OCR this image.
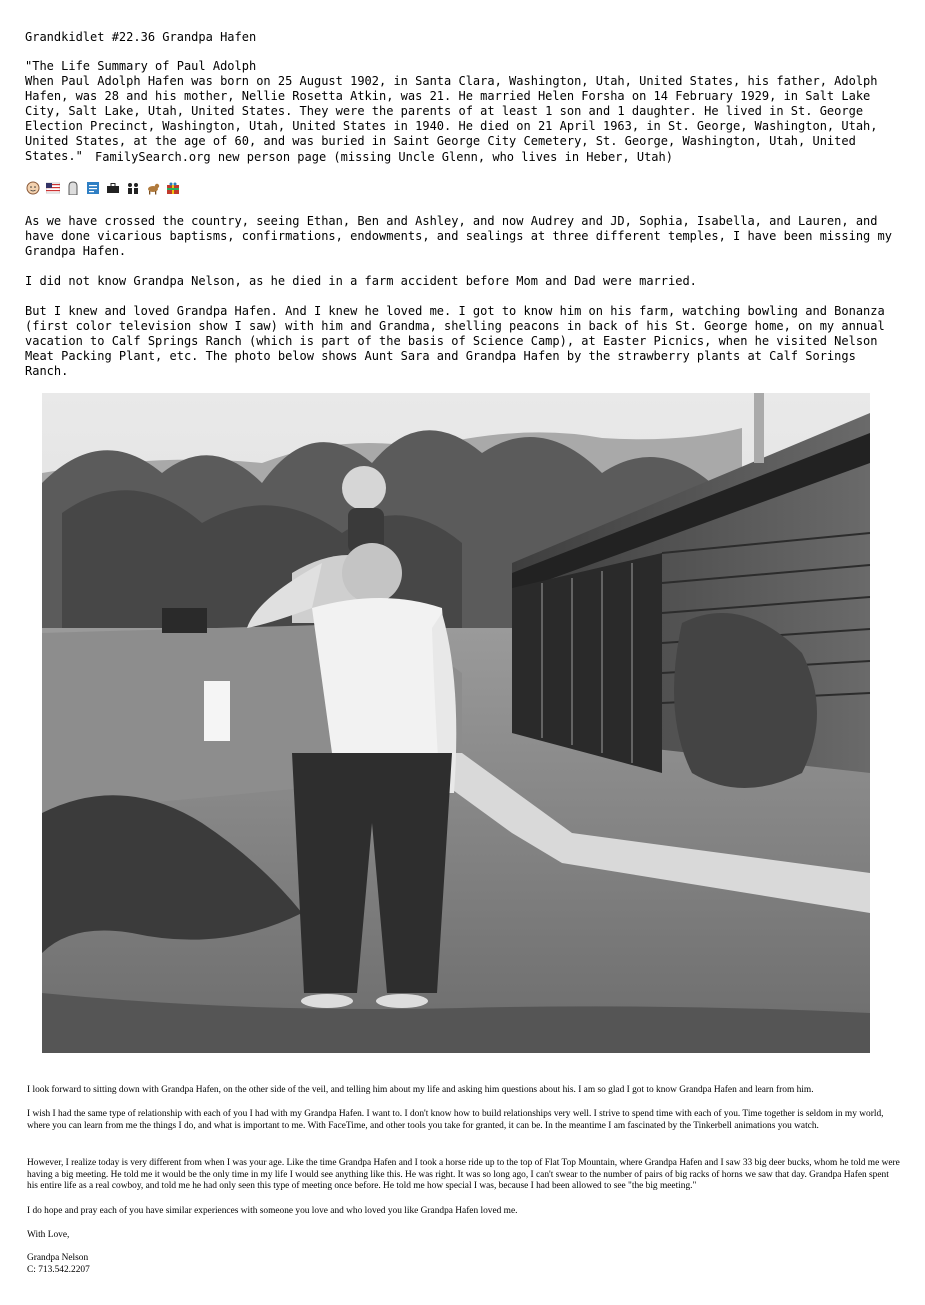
Grandkidlet #22.36 Grandpa Hafen
"The Life Summary of Paul Adolph
When Paul Adolph Hafen was born on 25 August 1902, in Santa Clara, Washington, Utah, United States, his father, Adolph Hafen, was 28 and his mother, Nellie Rosetta Atkin, was 21. He married Helen Forsha on 14 February 1929, in Salt Lake City, Salt Lake, Utah, United States. They were the parents of at least 1 son and 1 daughter. He lived in St. George Election Precinct, Washington, Utah, United States in 1940. He died on 21 April 1963, in St. George, Washington, Utah, United States, at the age of 60, and was buried in Saint George City Cemetery, St. George, Washington, Utah, United States."	FamilySearch.org new person page (missing Uncle Glenn, who lives in Heber, Utah)
As we have crossed the country, seeing Ethan, Ben and Ashley, and now Audrey and JD, Sophia, Isabella, and Lauren, and have done vicarious baptisms, confirmations, endowments, and sealings at three different temples, I have been missing my Grandpa Hafen.
I did not know Grandpa Nelson, as he died in a farm accident before Mom and Dad were married.
But I knew and loved Grandpa Hafen. And I knew he loved me. I got to know him on his farm, watching bowling and Bonanza (first color television show I saw) with him and Grandma, shelling peacons in back of his St. George home, on my annual vacation to Calf Springs Ranch (which is part of the basis of Science Camp), at Easter Picnics, when he visited Nelson Meat Packing Plant, etc. The photo below shows Aunt Sara and Grandpa Hafen by the strawberry plants at Calf Sorings Ranch.

I look forward to sitting down with Grandpa Hafen, on the other side of the veil, and telling him about my life and asking him questions about his. I am so glad I got to know Grandpa Hafen and learn from him.

I wish I had the same type of relationship with each of you I had with my Grandpa Hafen. I want to. I don't know how to build relationships very well. I strive to spend time with each of you. Time together is seldom in my world, where you can learn from me the things I do, and what is important to me. With FaceTime, and other tools you take for granted, it can be. In the meantime I am fascinated by the Tinkerbell animations you watch.

However, I realize today is very different from when I was your age. Like the time Grandpa Hafen and I took a horse ride up to the top of Flat Top Mountain, where Grandpa Hafen and I saw 33 big deer bucks, whom he told me were having a big meeting. He told me it would be the only time in my life I would see anything like this. He was right. It was so long ago, I can't swear to the number of pairs of big racks of horns we saw that day. Grandpa Hafen spent his entire life as a real cowboy, and told me he had only seen this type of meeting once before. He told me how special I was, because I had been allowed to see "the big meeting."

I do hope and pray each of you have similar experiences with someone you love and who loved you like Grandpa Hafen loved me.

With Love,

Grandpa Nelson

C: 713.542.2207
